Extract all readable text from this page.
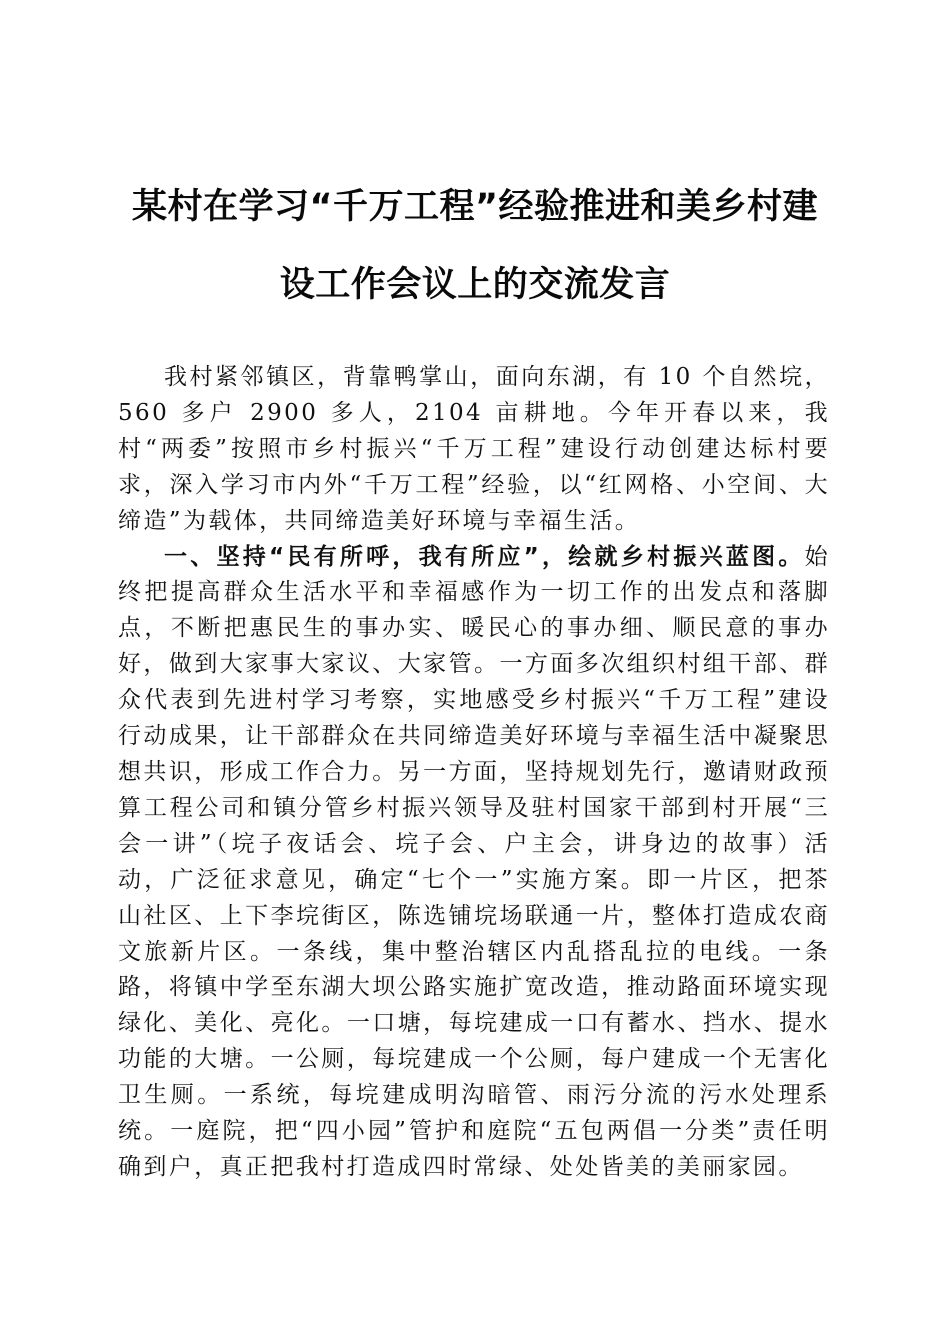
某村在学习“千万工程”经验推进和美乡村建
设工作会议上的交流发言

我村紧邻镇区，背靠鸭掌山，面向东湖，有 10 个自然垸，560 多户 2900 多人，2104 亩耕地。今年开春以来，我村“两委”按照市乡村振兴“千万工程”建设行动创建达标村要求，深入学习市内外“千万工程”经验，以“红网格、小空间、大缔造”为载体，共同缔造美好环境与幸福生活。

一、坚持“民有所呼，我有所应”，绘就乡村振兴蓝图。始终把提高群众生活水平和幸福感作为一切工作的出发点和落脚点，不断把惠民生的事办实、暖民心的事办细、顺民意的事办好，做到大家事大家议、大家管。一方面多次组织村组干部、群众代表到先进村学习考察，实地感受乡村振兴“千万工程”建设行动成果，让干部群众在共同缔造美好环境与幸福生活中凝聚思想共识，形成工作合力。另一方面，坚持规划先行，邀请财政预算工程公司和镇分管乡村振兴领导及驻村国家干部到村开展“三会一讲”（垸子夜话会、垸子会、户主会，讲身边的故事）活动，广泛征求意见，确定“七个一”实施方案。即一片区，把茶山社区、上下李垸街区，陈选铺垸场联通一片，整体打造成农商文旅新片区。一条线，集中整治辖区内乱搭乱拉的电线。一条路，将镇中学至东湖大坝公路实施扩宽改造，推动路面环境实现绿化、美化、亮化。一口塘，每垸建成一口有蓄水、挡水、提水功能的大塘。一公厕，每垸建成一个公厕，每户建成一个无害化卫生厕。一系统，每垸建成明沟暗管、雨污分流的污水处理系统。一庭院，把“四小园”管护和庭院“五包两倡一分类”责任明确到户，真正把我村打造成四时常绿、处处皆美的美丽家园。
